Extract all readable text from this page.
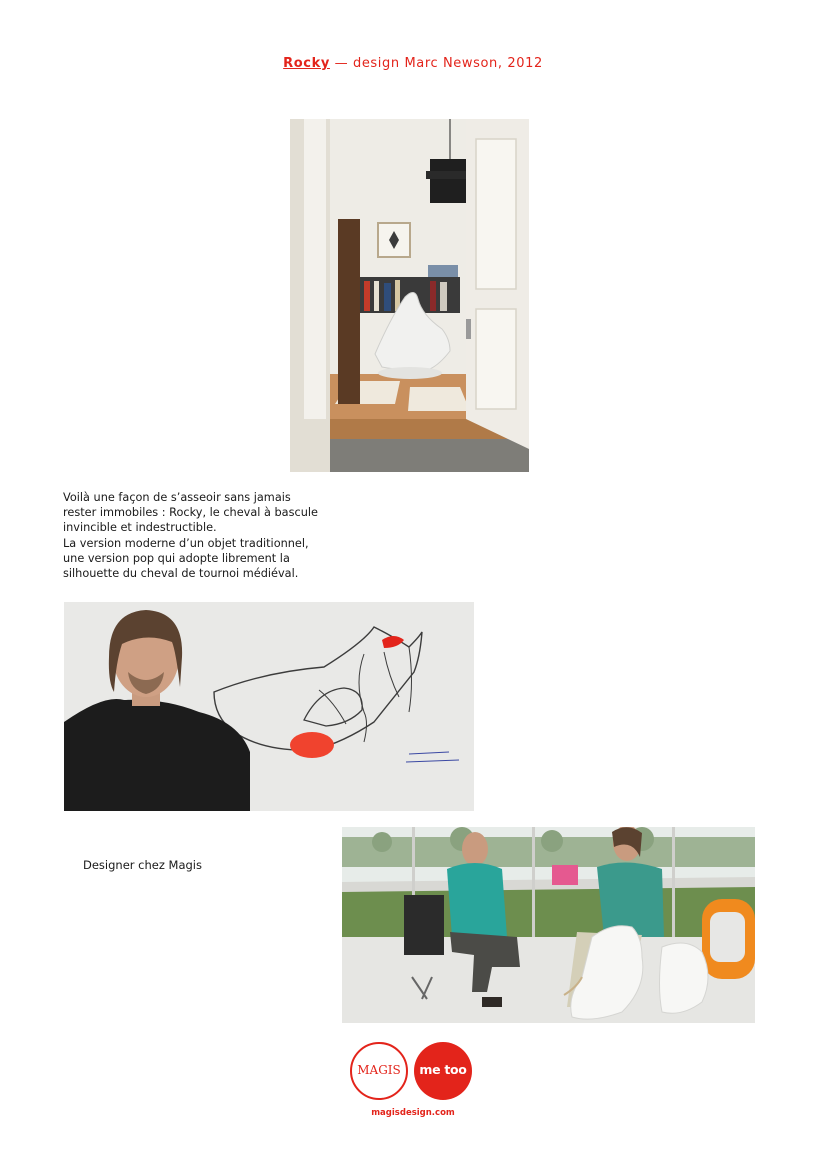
Rocky — design Marc Newson, 2012

Voilà une façon de s’asseoir sans jamais

rester immobiles : Rocky, le cheval à bascule

invincible et indestructible.

La version moderne d’un objet traditionnel,

une version pop qui adopte librement la

silhouette du cheval de tournoi médiéval.

Designer chez Magis
MAGIS	me too
magisdesign.com
